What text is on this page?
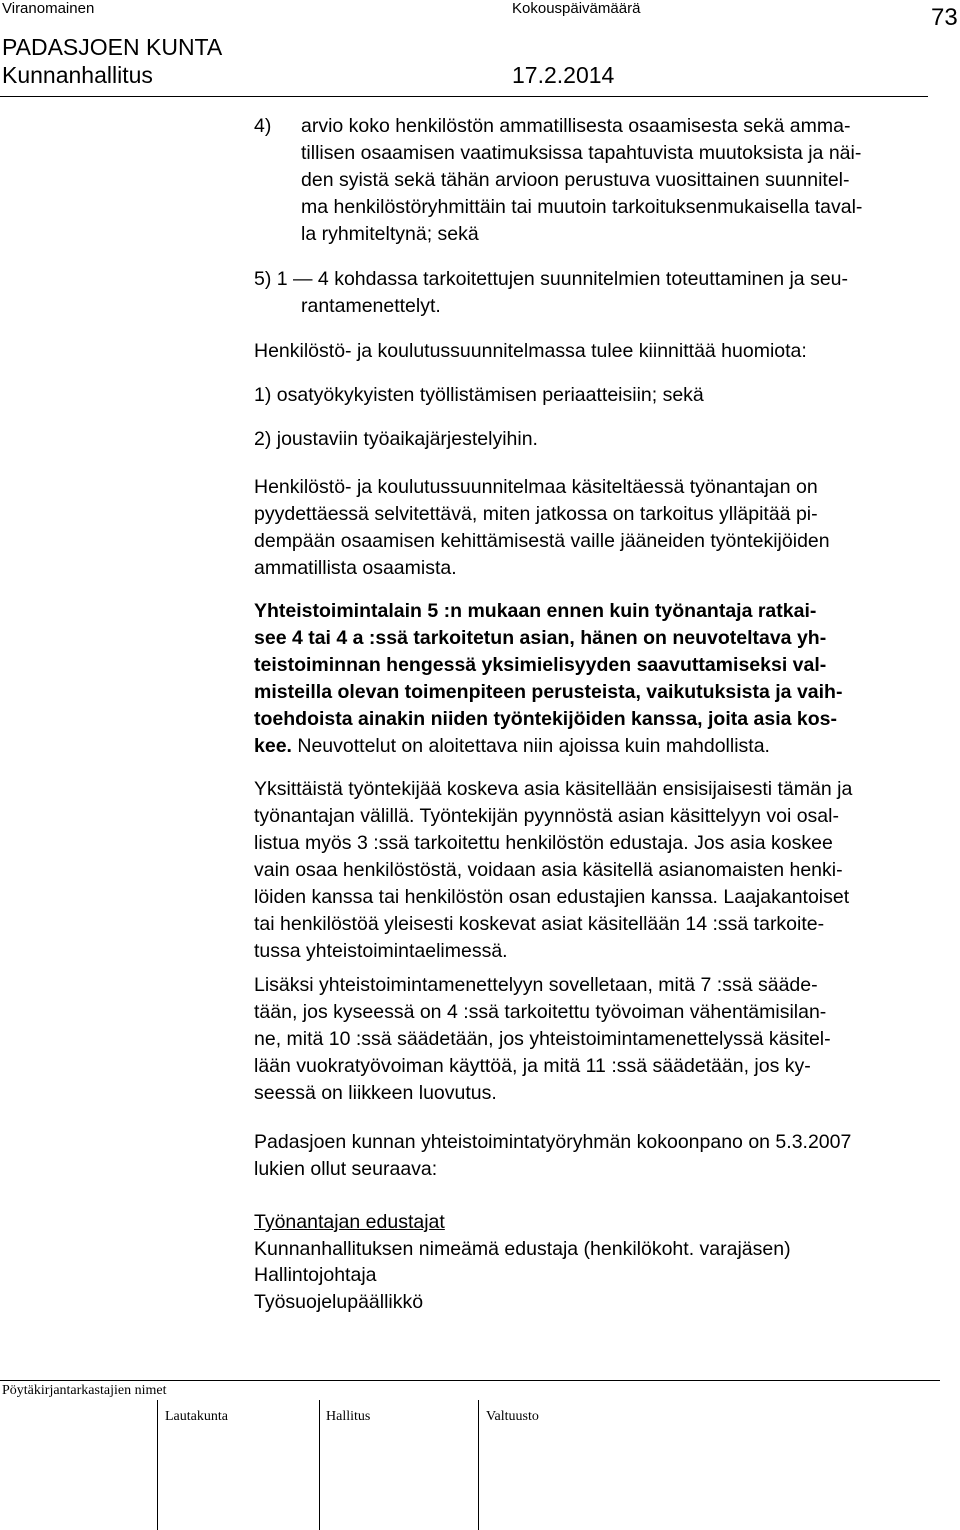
Viranomainen	Kokouspäivämäärä	73
PADASJOEN KUNTA
Kunnanhallitus	17.2.2014
4) arvio koko henkilöstön ammatillisesta osaamisesta sekä amma-
tillisen osaamisen vaatimuksissa tapahtuvista muutoksista ja näi-
den syistä sekä tähän arvioon perustuva vuosittainen suunnitel-
ma henkilöstöryhmittäin tai muutoin tarkoituksenmukaisella taval-
la ryhmiteltynä; sekä
5) 1 — 4 kohdassa tarkoitettujen suunnitelmien toteuttaminen ja seu-
rantamenettelyt.
Henkilöstö- ja koulutussuunnitelmassa tulee kiinnittää huomiota:
1) osatyökykyisten työllistämisen periaatteisiin; sekä
2) joustaviin työaikajärjestelyihin.
Henkilöstö- ja koulutussuunnitelmaa käsiteltäessä työnantajan on
pyydettäessä selvitettävä, miten jatkossa on tarkoitus ylläpitää pi-
dempään osaamisen kehittämisestä vaille jääneiden työntekijöiden
ammatillista osaamista.
Yhteistoimintalain 5 :n mukaan ennen kuin työnantaja ratkai-
see 4 tai 4 a :ssä tarkoitetun asian, hänen on neuvoteltava yh-
teistoiminnan hengessä yksimielisyyden saavuttamiseksi val-
misteilla olevan toimenpiteen perusteista, vaikutuksista ja vaih-
toehdoista ainakin niiden työntekijöiden kanssa, joita asia kos-
kee. Neuvottelut on aloitettava niin ajoissa kuin mahdollista.
Yksittäistä työntekijää koskeva asia käsitellään ensisijaisesti tämän ja
työnantajan välillä. Työntekijän pyynnöstä asian käsittelyyn voi osal-
listua myös 3 :ssä tarkoitettu henkilöstön edustaja. Jos asia koskee
vain osaa henkilöstöstä, voidaan asia käsitellä asianomaisten henki-
löiden kanssa tai henkilöstön osan edustajien kanssa. Laajakantoiset
tai henkilöstöä yleisesti koskevat asiat käsitellään 14 :ssä tarkoite-
tussa yhteistoimintaelimessä.
Lisäksi yhteistoimintamenettelyyn sovelletaan, mitä 7 :ssä sääde-
tään, jos kyseessä on 4 :ssä tarkoitettu työvoiman vähentämisilan-
ne, mitä 10 :ssä säädetään, jos yhteistoimintamenettelyssä käsitel-
lään vuokratyövoiman käyttöä, ja mitä 11 :ssä säädetään, jos ky-
seessä on liikkeen luovutus.
Padasjoen kunnan yhteistoimintatyöryhmän kokoonpano on 5.3.2007
lukien ollut seuraava:
Työnantajan edustajat
Kunnanhallituksen nimeämä edustaja (henkilökoht. varajäsen)
Hallintojohtaja
Työsuojelupäällikkö
Pöytäkirjantarkastajien nimet
Lautakunta	Hallitus	Valtuusto
